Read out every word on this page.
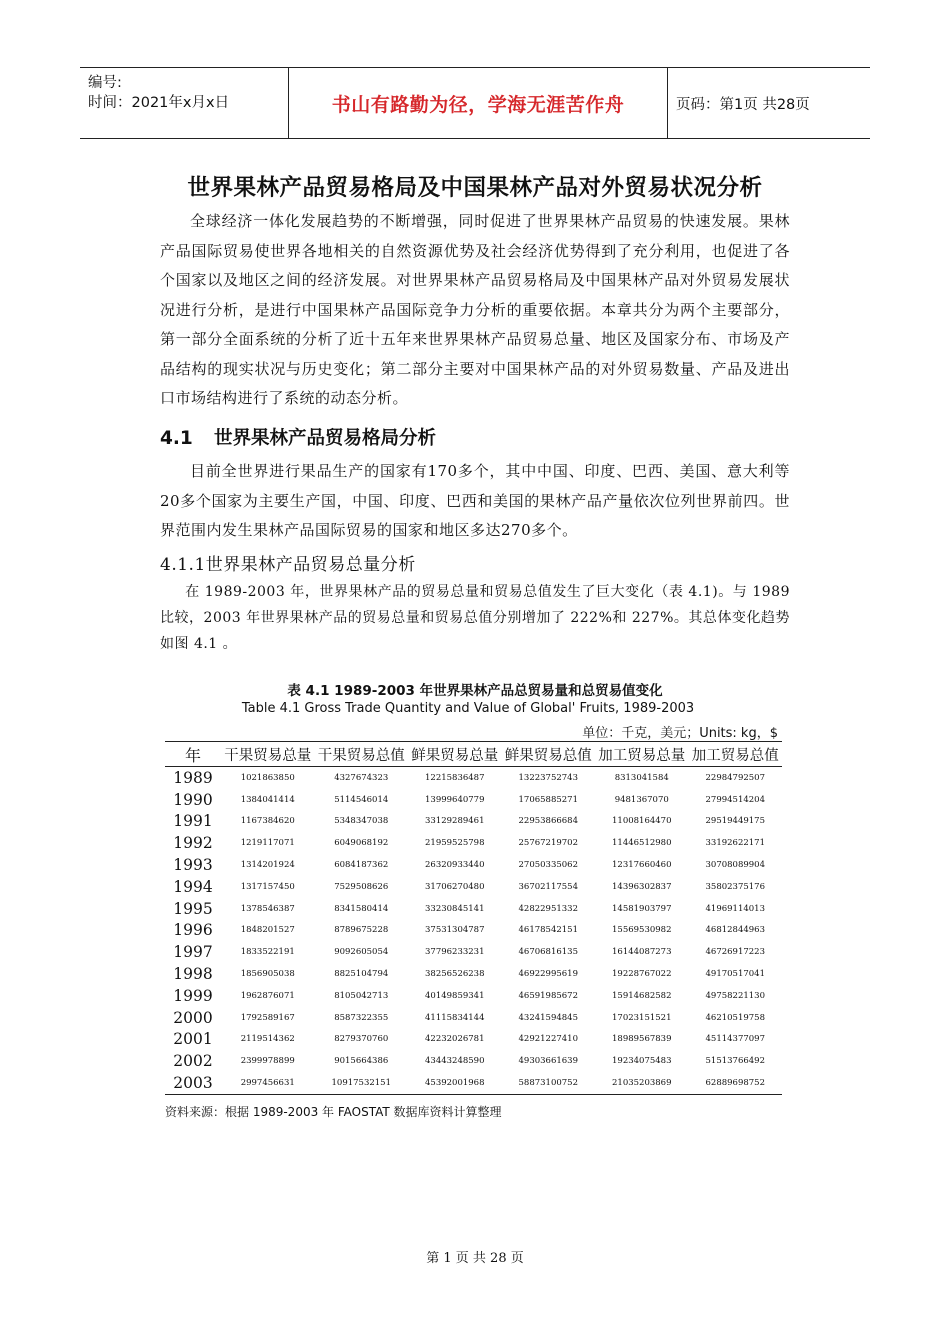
编号:
时间：2021年x月x日	书山有路勤为径，学海无涯苦作舟	页码：第1页 共28页
世界果林产品贸易格局及中国果林产品对外贸易状况分析
全球经济一体化发展趋势的不断增强，同时促进了世界果林产品贸易的快速发展。果林产品国际贸易使世界各地相关的自然资源优势及社会经济优势得到了充分利用，也促进了各个国家以及地区之间的经济发展。对世界果林产品贸易格局及中国果林产品对外贸易发展状况进行分析，是进行中国果林产品国际竞争力分析的重要依据。本章共分为两个主要部分，第一部分全面系统的分析了近十五年来世界果林产品贸易总量、地区及国家分布、市场及产品结构的现实状况与历史变化；第二部分主要对中国果林产品的对外贸易数量、产品及进出口市场结构进行了系统的动态分析。
4.1 世界果林产品贸易格局分析
目前全世界进行果品生产的国家有170多个，其中中国、印度、巴西、美国、意大利等20多个国家为主要生产国，中国、印度、巴西和美国的果林产品产量依次位列世界前四。世界范围内发生果林产品国际贸易的国家和地区多达270多个。
4.1.1世界果林产品贸易总量分析
在 1989-2003 年，世界果林产品的贸易总量和贸易总值发生了巨大变化（表 4.1)。与 1989 比较，2003 年世界果林产品的贸易总量和贸易总值分别增加了 222%和 227%。其总体变化趋势如图 4.1 。
表 4.1 1989-2003 年世界果林产品总贸易量和总贸易值变化
Table 4.1 Gross Trade Quantity and Value of Global' Fruits, 1989-2003
单位：千克，美元；Units: kg，$
年	干果贸易总量	干果贸易总值	鲜果贸易总量	鲜果贸易总值	加工贸易总量	加工贸易总值
1989	1021863850	4327674323	12215836487	13223752743	8313041584	22984792507
1990	1384041414	5114546014	13999640779	17065885271	9481367070	27994514204
1991	1167384620	5348347038	33129289461	22953866684	11008164470	29519449175
1992	1219117071	6049068192	21959525798	25767219702	11446512980	33192622171
1993	1314201924	6084187362	26320933440	27050335062	12317660460	30708089904
1994	1317157450	7529508626	31706270480	36702117554	14396302837	35802375176
1995	1378546387	8341580414	33230845141	42822951332	14581903797	41969114013
1996	1848201527	8789675228	37531304787	46178542151	15569530982	46812844963
1997	1833522191	9092605054	37796233231	46706816135	16144087273	46726917223
1998	1856905038	8825104794	38256526238	46922995619	19228767022	49170517041
1999	1962876071	8105042713	40149859341	46591985672	15914682582	49758221130
2000	1792589167	8587322355	41115834144	43241594845	17023151521	46210519758
2001	2119514362	8279370760	42232026781	42921227410	18989567839	45114377097
2002	2399978899	9015664386	43443248590	49303661639	19234075483	51513766492
2003	2997456631	10917532151	45392001968	58873100752	21035203869	62889698752
资料来源：根据 1989-2003 年 FAOSTAT 数据库资料计算整理
第 1 页 共 28 页
